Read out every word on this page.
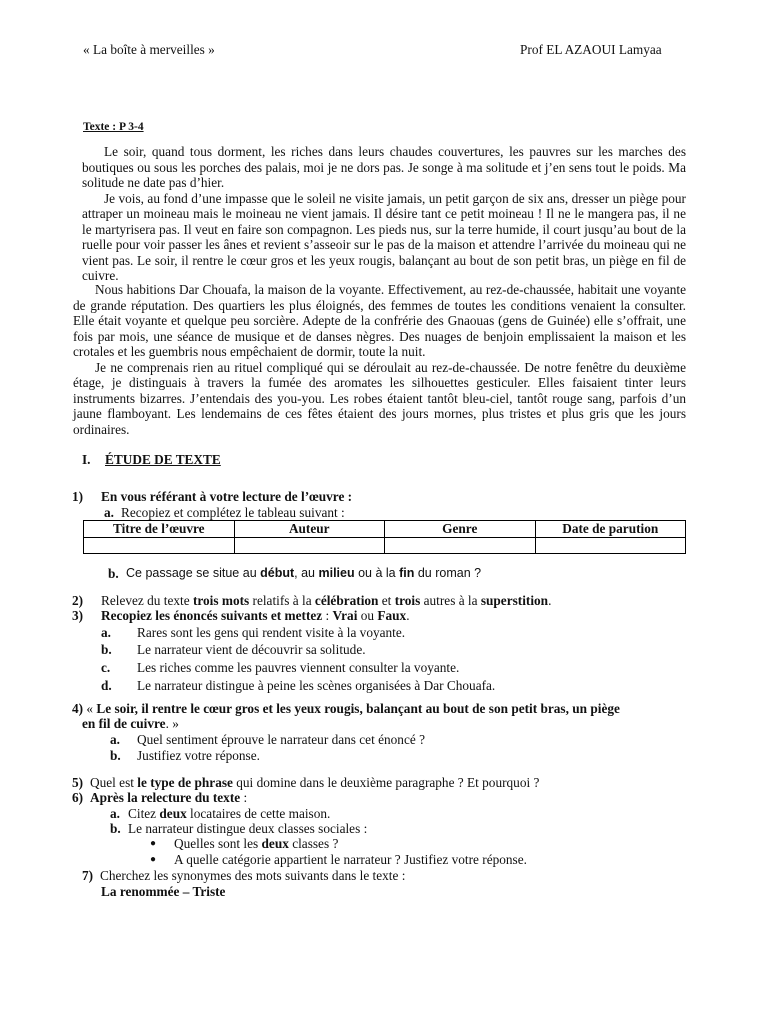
« La boîte à merveilles »	Prof EL AZAOUI Lamyaa
Texte : P 3-4

Le soir, quand tous dorment, les riches dans leurs chaudes couvertures, les pauvres sur les marches des boutiques ou sous les porches des palais, moi je ne dors pas. Je songe à ma solitude et j’en sens tout le poids. Ma solitude ne date pas d’hier.

Je vois, au fond d’une impasse que le soleil ne visite jamais, un petit garçon de six ans, dresser un piège pour attraper un moineau mais le moineau ne vient jamais. Il désire tant ce petit moineau ! Il ne le mangera pas, il ne le martyrisera pas. Il veut en faire son compagnon. Les pieds nus, sur la terre humide, il court jusqu’au bout de la ruelle pour voir passer les ânes et revient s’asseoir sur le pas de la maison et attendre l’arrivée du moineau qui ne vient pas. Le soir, il rentre le cœur gros et les yeux rougis, balançant au bout de son petit bras, un piège en fil de cuivre.

Nous habitions Dar Chouafa, la maison de la voyante. Effectivement, au rez-de-chaussée, habitait une voyante de grande réputation. Des quartiers les plus éloignés, des femmes de toutes les conditions venaient la consulter. Elle était voyante et quelque peu sorcière. Adepte de la confrérie des Gnaouas (gens de Guinée) elle s’offrait, une fois par mois, une séance de musique et de danses nègres. Des nuages de benjoin emplissaient la maison et les crotales et les guembris nous empêchaient de dormir, toute la nuit.

Je ne comprenais rien au rituel compliqué qui se déroulait au rez-de-chaussée. De notre fenêtre du deuxième étage, je distinguais à travers la fumée des aromates les silhouettes gesticuler. Elles faisaient tinter leurs instruments bizarres. J’entendais des you-you. Les robes étaient tantôt bleu-ciel, tantôt rouge sang, parfois d’un jaune flamboyant. Les lendemains de ces fêtes étaient des jours mornes, plus tristes et plus gris que les jours ordinaires.

I. ÉTUDE DE TEXTE
1) En vous référant à votre lecture de l’œuvre :
a. Recopiez et complétez le tableau suivant :
Titre de l’œuvre	Auteur	Genre	Date de parution

b. Ce passage se situe au début, au milieu ou à la fin du roman ?
2) Relevez du texte trois mots relatifs à la célébration et trois autres à la superstition.
3) Recopiez les énoncés suivants et mettez : Vrai ou Faux.
a. Rares sont les gens qui rendent visite à la voyante.
b. Le narrateur vient de découvrir sa solitude.
c. Les riches comme les pauvres viennent consulter la voyante.
d. Le narrateur distingue à peine les scènes organisées à Dar Chouafa.
4) « Le soir, il rentre le cœur gros et les yeux rougis, balançant au bout de son petit bras, un piège
en fil de cuivre. »
a. Quel sentiment éprouve le narrateur dans cet énoncé ?
b. Justifiez votre réponse.
5) Quel est le type de phrase qui domine dans le deuxième paragraphe ? Et pourquoi ?
6) Après la relecture du texte :
a. Citez deux locataires de cette maison.
b. Le narrateur distingue deux classes sociales :
● Quelles sont les deux classes ?
● A quelle catégorie appartient le narrateur ? Justifiez votre réponse.
7) Cherchez les synonymes des mots suivants dans le texte :
La renommée – Triste
